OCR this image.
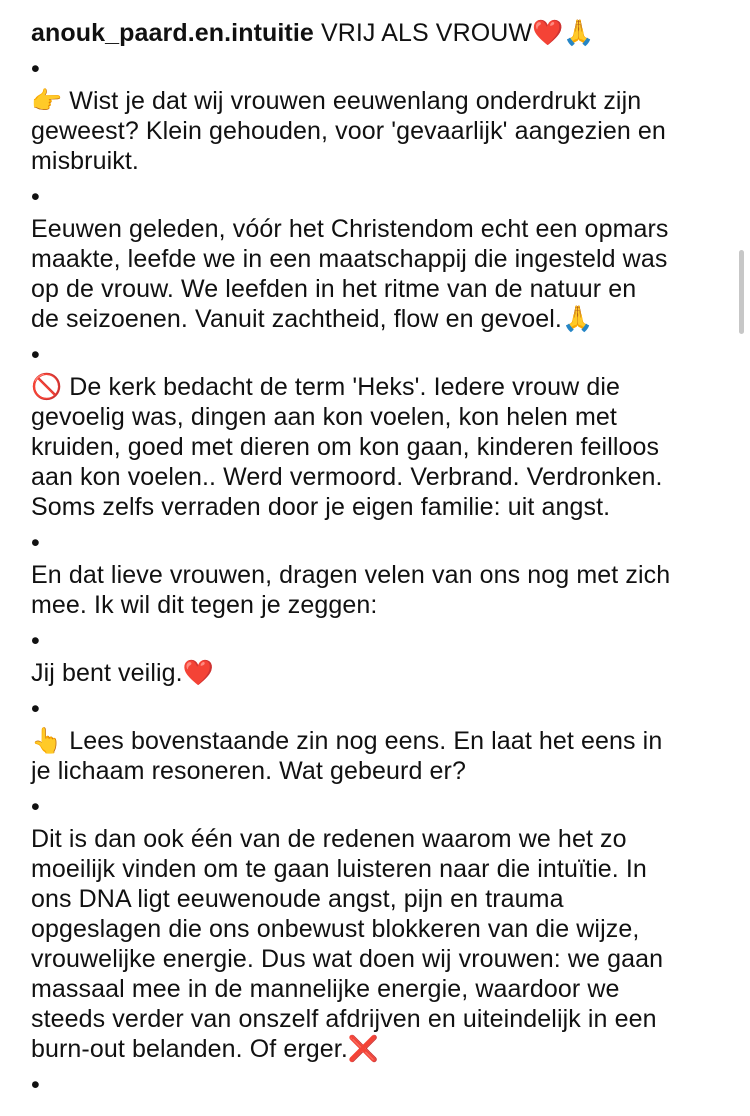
anouk_paard.en.intuitie VRIJ ALS VROUW❤️🙏
•
👉 Wist je dat wij vrouwen eeuwenlang onderdrukt zijn
geweest? Klein gehouden, voor 'gevaarlijk' aangezien en
misbruikt.
•
Eeuwen geleden, vóór het Christendom echt een opmars
maakte, leefde we in een maatschappij die ingesteld was
op de vrouw. We leefden in het ritme van de natuur en
de seizoenen. Vanuit zachtheid, flow en gevoel.🙏
•
🚫 De kerk bedacht de term 'Heks'. Iedere vrouw die
gevoelig was, dingen aan kon voelen, kon helen met
kruiden, goed met dieren om kon gaan, kinderen feilloos
aan kon voelen.. Werd vermoord. Verbrand. Verdronken.
Soms zelfs verraden door je eigen familie: uit angst.
•
En dat lieve vrouwen, dragen velen van ons nog met zich
mee. Ik wil dit tegen je zeggen:
•
Jij bent veilig.❤️
•
👆 Lees bovenstaande zin nog eens. En laat het eens in
je lichaam resoneren. Wat gebeurd er?
•
Dit is dan ook één van de redenen waarom we het zo
moeilijk vinden om te gaan luisteren naar die intuïtie. In
ons DNA ligt eeuwenoude angst, pijn en trauma
opgeslagen die ons onbewust blokkeren van die wijze,
vrouwelijke energie. Dus wat doen wij vrouwen: we gaan
massaal mee in de mannelijke energie, waardoor we
steeds verder van onszelf afdrijven en uiteindelijk in een
burn-out belanden. Of erger.❌
•
